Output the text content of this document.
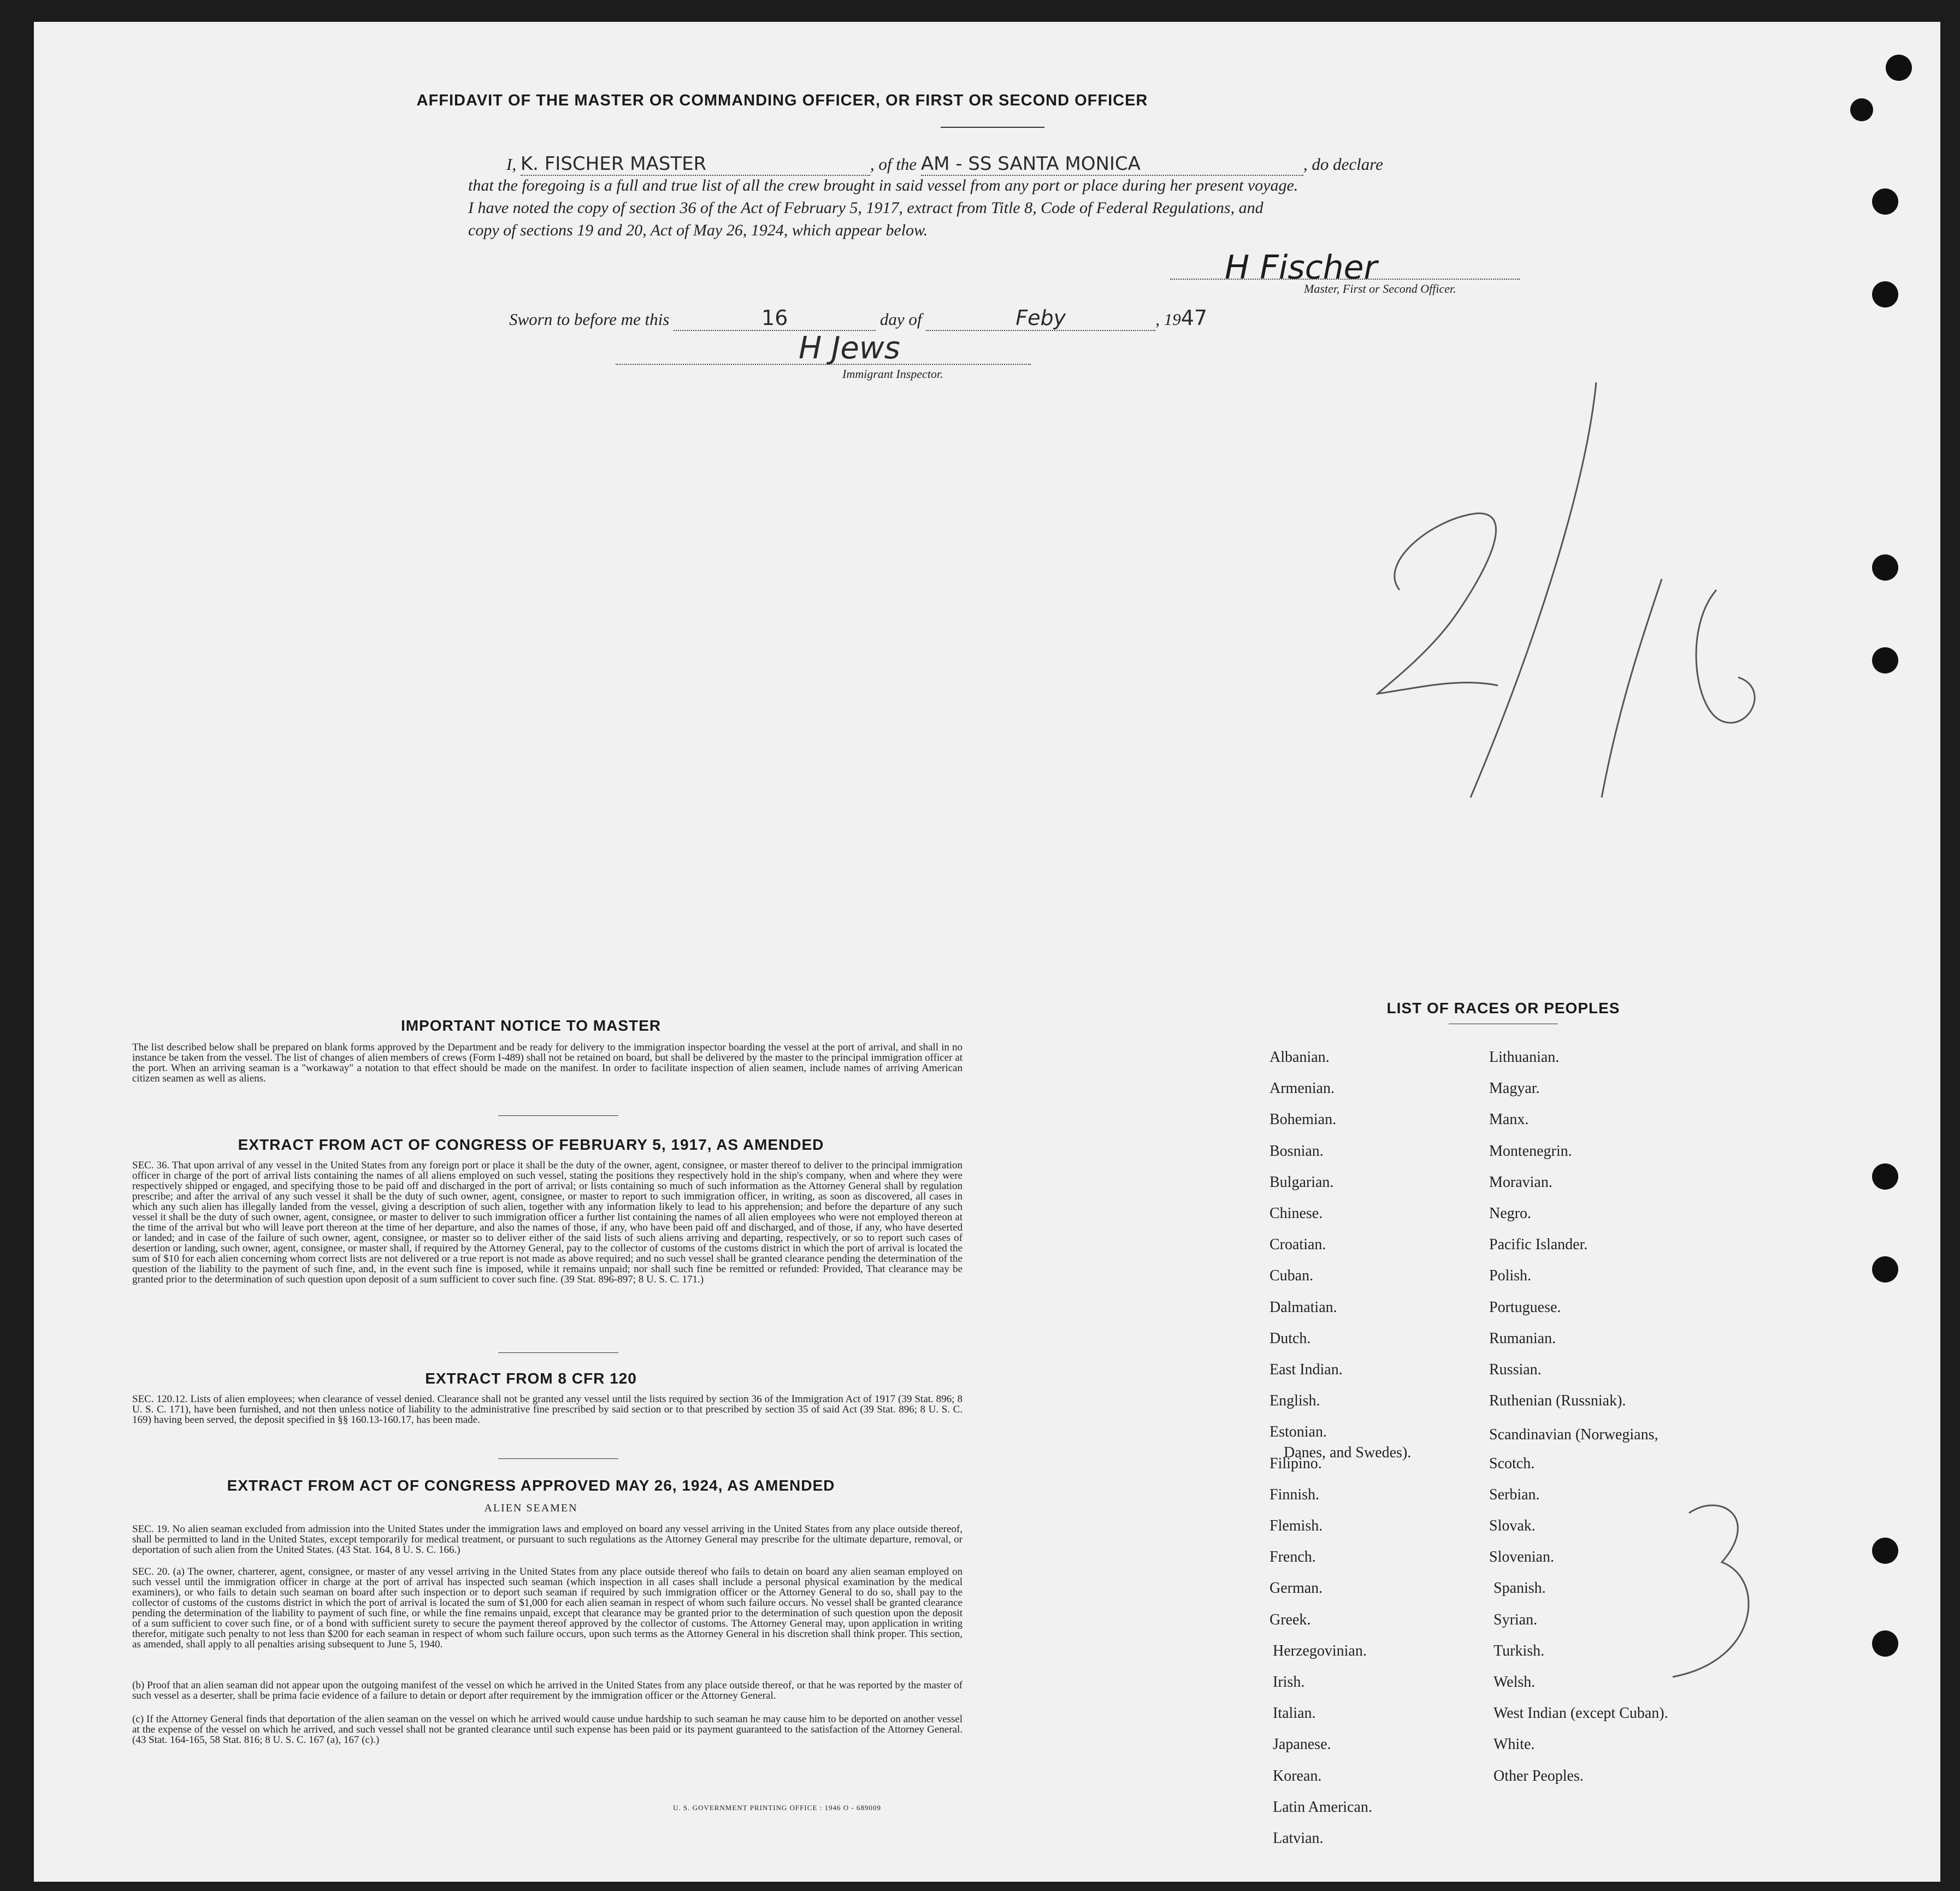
AFFIDAVIT OF THE MASTER OR COMMANDING OFFICER, OR FIRST OR SECOND OFFICER
I, K. FISCHER MASTER	, of the AM - SS SANTA MONICA	, do declare
that the foregoing is a full and true list of all the crew brought in said vessel from any port or place during her present voyage.
I have noted the copy of section 36 of the Act of February 5, 1917, extract from Title 8, Code of Federal Regulations, and
copy of sections 19 and 20, Act of May 26, 1924, which appear below.
H Fischer
Master, First or Second Officer.
Sworn to before me this	16	day of	Feby	, 1947
H Jews
Immigrant Inspector.
IMPORTANT NOTICE TO MASTER
The list described below shall be prepared on blank forms approved by the Department and be ready for delivery to the immigration inspector boarding the vessel at the port of arrival, and shall in no instance be taken from the vessel. The list of changes of alien members of crews (Form I-489) shall not be retained on board, but shall be delivered by the master to the principal immigration officer at the port. When an arriving seaman is a "workaway" a notation to that effect should be made on the manifest. In order to facilitate inspection of alien seamen, include names of arriving American citizen seamen as well as aliens.
EXTRACT FROM ACT OF CONGRESS OF FEBRUARY 5, 1917, AS AMENDED
SEC. 36. That upon arrival of any vessel in the United States from any foreign port or place it shall be the duty of the owner, agent, consignee, or master thereof to deliver to the principal immigration officer in charge of the port of arrival lists containing the names of all aliens employed on such vessel, stating the positions they respectively hold in the ship's company, when and where they were respectively shipped or engaged, and specifying those to be paid off and discharged in the port of arrival; or lists containing so much of such information as the Attorney General shall by regulation prescribe; and after the arrival of any such vessel it shall be the duty of such owner, agent, consignee, or master to report to such immigration officer, in writing, as soon as discovered, all cases in which any such alien has illegally landed from the vessel, giving a description of such alien, together with any information likely to lead to his apprehension; and before the departure of any such vessel it shall be the duty of such owner, agent, consignee, or master to deliver to such immigration officer a further list containing the names of all alien employees who were not employed thereon at the time of the arrival but who will leave port thereon at the time of her departure, and also the names of those, if any, who have been paid off and discharged, and of those, if any, who have deserted or landed; and in case of the failure of such owner, agent, consignee, or master so to deliver either of the said lists of such aliens arriving and departing, respectively, or so to report such cases of desertion or landing, such owner, agent, consignee, or master shall, if required by the Attorney General, pay to the collector of customs of the customs district in which the port of arrival is located the sum of $10 for each alien concerning whom correct lists are not delivered or a true report is not made as above required; and no such vessel shall be granted clearance pending the determination of the question of the liability to the payment of such fine, and, in the event such fine is imposed, while it remains unpaid; nor shall such fine be remitted or refunded: Provided, That clearance may be granted prior to the determination of such question upon deposit of a sum sufficient to cover such fine. (39 Stat. 896-897; 8 U. S. C. 171.)
EXTRACT FROM 8 CFR 120
SEC. 120.12. Lists of alien employees; when clearance of vessel denied. Clearance shall not be granted any vessel until the lists required by section 36 of the Immigration Act of 1917 (39 Stat. 896; 8 U. S. C. 171), have been furnished, and not then unless notice of liability to the administrative fine prescribed by said section or to that prescribed by section 35 of said Act (39 Stat. 896; 8 U. S. C. 169) having been served, the deposit specified in §§ 160.13-160.17, has been made.
EXTRACT FROM ACT OF CONGRESS APPROVED MAY 26, 1924, AS AMENDED
ALIEN SEAMEN
SEC. 19. No alien seaman excluded from admission into the United States under the immigration laws and employed on board any vessel arriving in the United States from any place outside thereof, shall be permitted to land in the United States, except temporarily for medical treatment, or pursuant to such regulations as the Attorney General may prescribe for the ultimate departure, removal, or deportation of such alien from the United States. (43 Stat. 164, 8 U. S. C. 166.)
SEC. 20. (a) The owner, charterer, agent, consignee, or master of any vessel arriving in the United States from any place outside thereof who fails to detain on board any alien seaman employed on such vessel until the immigration officer in charge at the port of arrival has inspected such seaman (which inspection in all cases shall include a personal physical examination by the medical examiners), or who fails to detain such seaman on board after such inspection or to deport such seaman if required by such immigration officer or the Attorney General to do so, shall pay to the collector of customs of the customs district in which the port of arrival is located the sum of $1,000 for each alien seaman in respect of whom such failure occurs. No vessel shall be granted clearance pending the determination of the liability to payment of such fine, or while the fine remains unpaid, except that clearance may be granted prior to the determination of such question upon the deposit of a sum sufficient to cover such fine, or of a bond with sufficient surety to secure the payment thereof approved by the collector of customs. The Attorney General may, upon application in writing therefor, mitigate such penalty to not less than $200 for each seaman in respect of whom such failure occurs, upon such terms as the Attorney General in his discretion shall think proper. This section, as amended, shall apply to all penalties arising subsequent to June 5, 1940.
(b) Proof that an alien seaman did not appear upon the outgoing manifest of the vessel on which he arrived in the United States from any place outside thereof, or that he was reported by the master of such vessel as a deserter, shall be prima facie evidence of a failure to detain or deport after requirement by the immigration officer or the Attorney General.
(c) If the Attorney General finds that deportation of the alien seaman on the vessel on which he arrived would cause undue hardship to such seaman he may cause him to be deported on another vessel at the expense of the vessel on which he arrived, and such vessel shall not be granted clearance until such expense has been paid or its payment guaranteed to the satisfaction of the Attorney General. (43 Stat. 164-165, 58 Stat. 816; 8 U. S. C. 167 (a), 167 (c).)
U. S. GOVERNMENT PRINTING OFFICE : 1946 O - 689009
LIST OF RACES OR PEOPLES
Albanian.
Armenian.
Bohemian.
Bosnian.
Bulgarian.
Chinese.
Croatian.
Cuban.
Dalmatian.
Dutch.
East Indian.
English.
Estonian.
Filipino.
Finnish.
Flemish.
French.
German.
Greek.
Herzegovinian.
Irish.
Italian.
Japanese.
Korean.
Latin American.
Latvian.
Lithuanian.
Magyar.
Manx.
Montenegrin.
Moravian.
Negro.
Pacific Islander.
Polish.
Portuguese.
Rumanian.
Russian.
Ruthenian (Russniak).
Scandinavian (Norwegians,
Danes, and Swedes).
Scotch.
Serbian.
Slovak.
Slovenian.
Spanish.
Syrian.
Turkish.
Welsh.
West Indian (except Cuban).
White.
Other Peoples.
